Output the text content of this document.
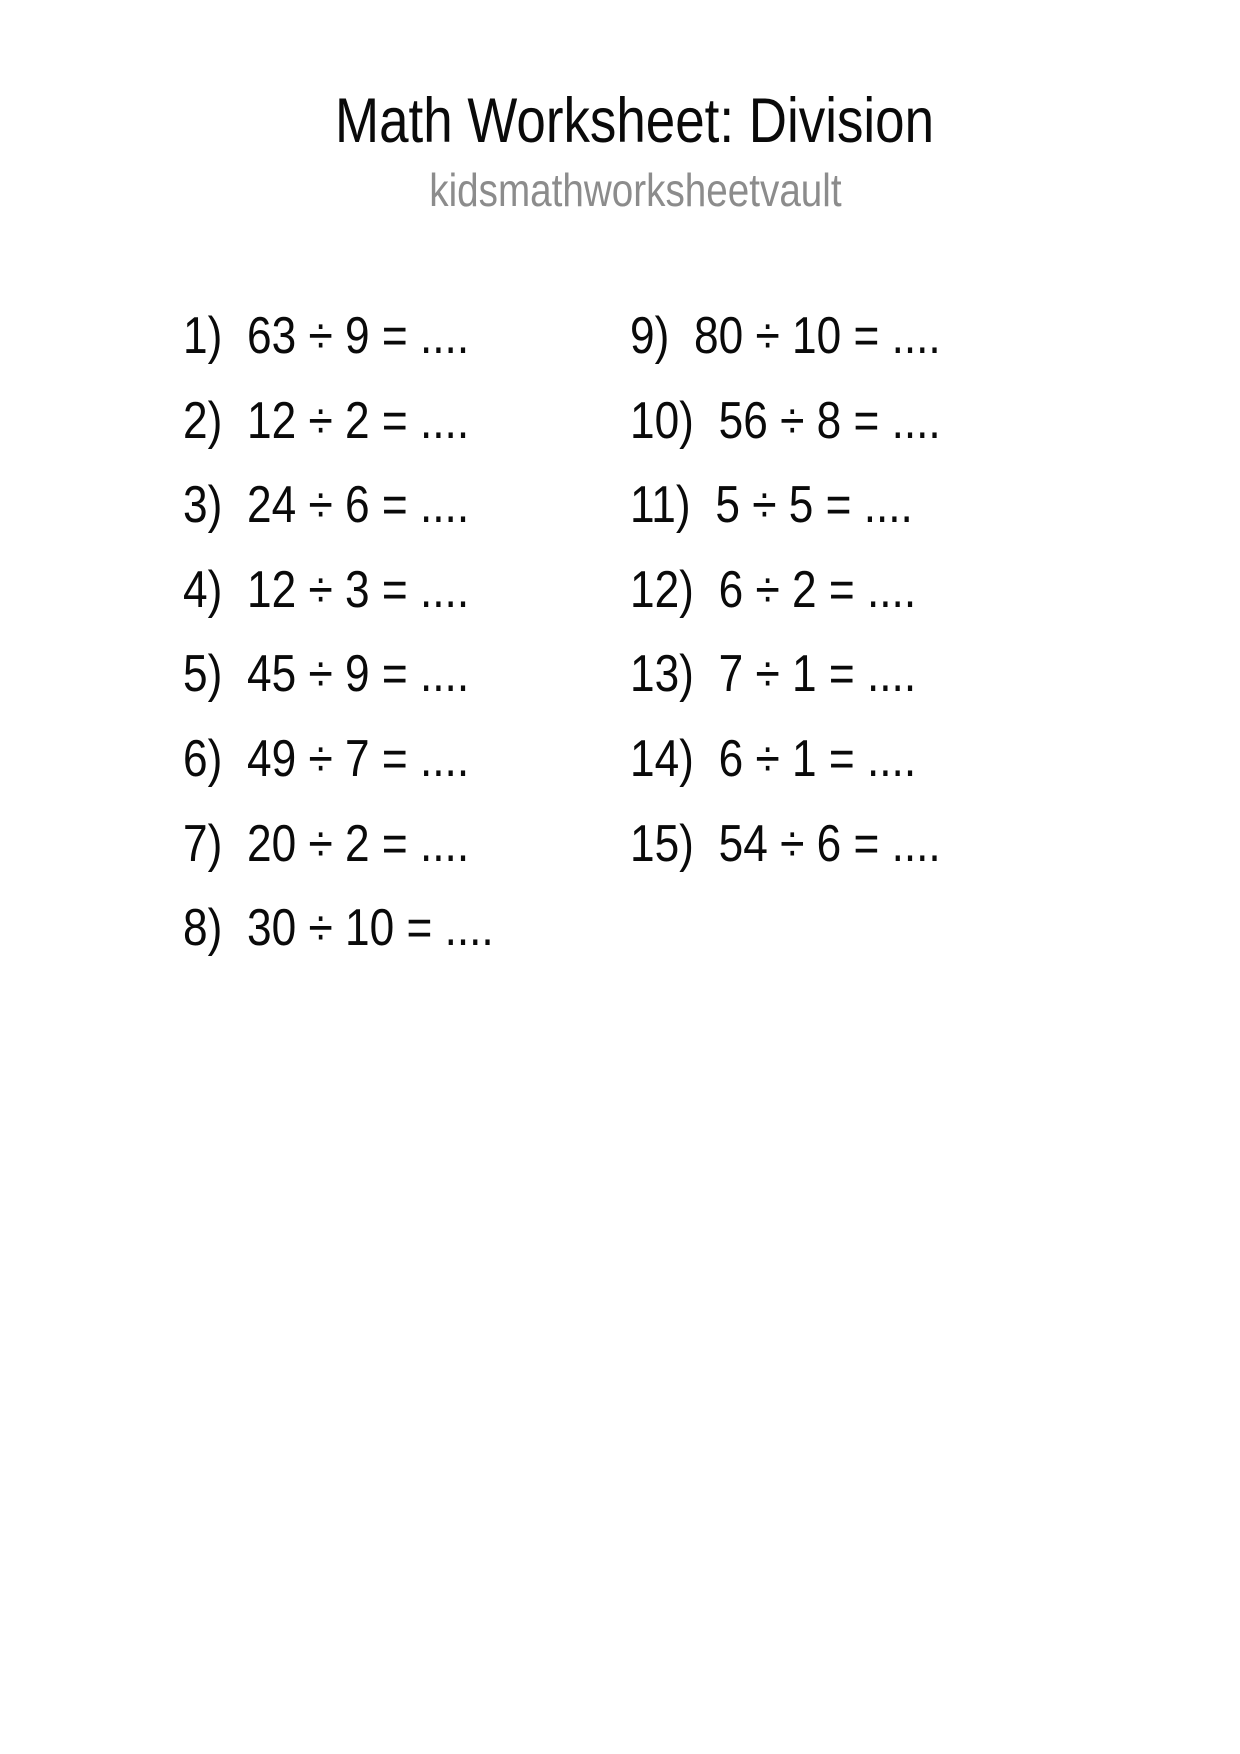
Math Worksheet: Division
kidsmathworksheetvault
1) 63 ÷ 9 = ....
2) 12 ÷ 2 = ....
3) 24 ÷ 6 = ....
4) 12 ÷ 3 = ....
5) 45 ÷ 9 = ....
6) 49 ÷ 7 = ....
7) 20 ÷ 2 = ....
8) 30 ÷ 10 = ....
9) 80 ÷ 10 = ....
10) 56 ÷ 8 = ....
11) 5 ÷ 5 = ....
12) 6 ÷ 2 = ....
13) 7 ÷ 1 = ....
14) 6 ÷ 1 = ....
15) 54 ÷ 6 = ....
